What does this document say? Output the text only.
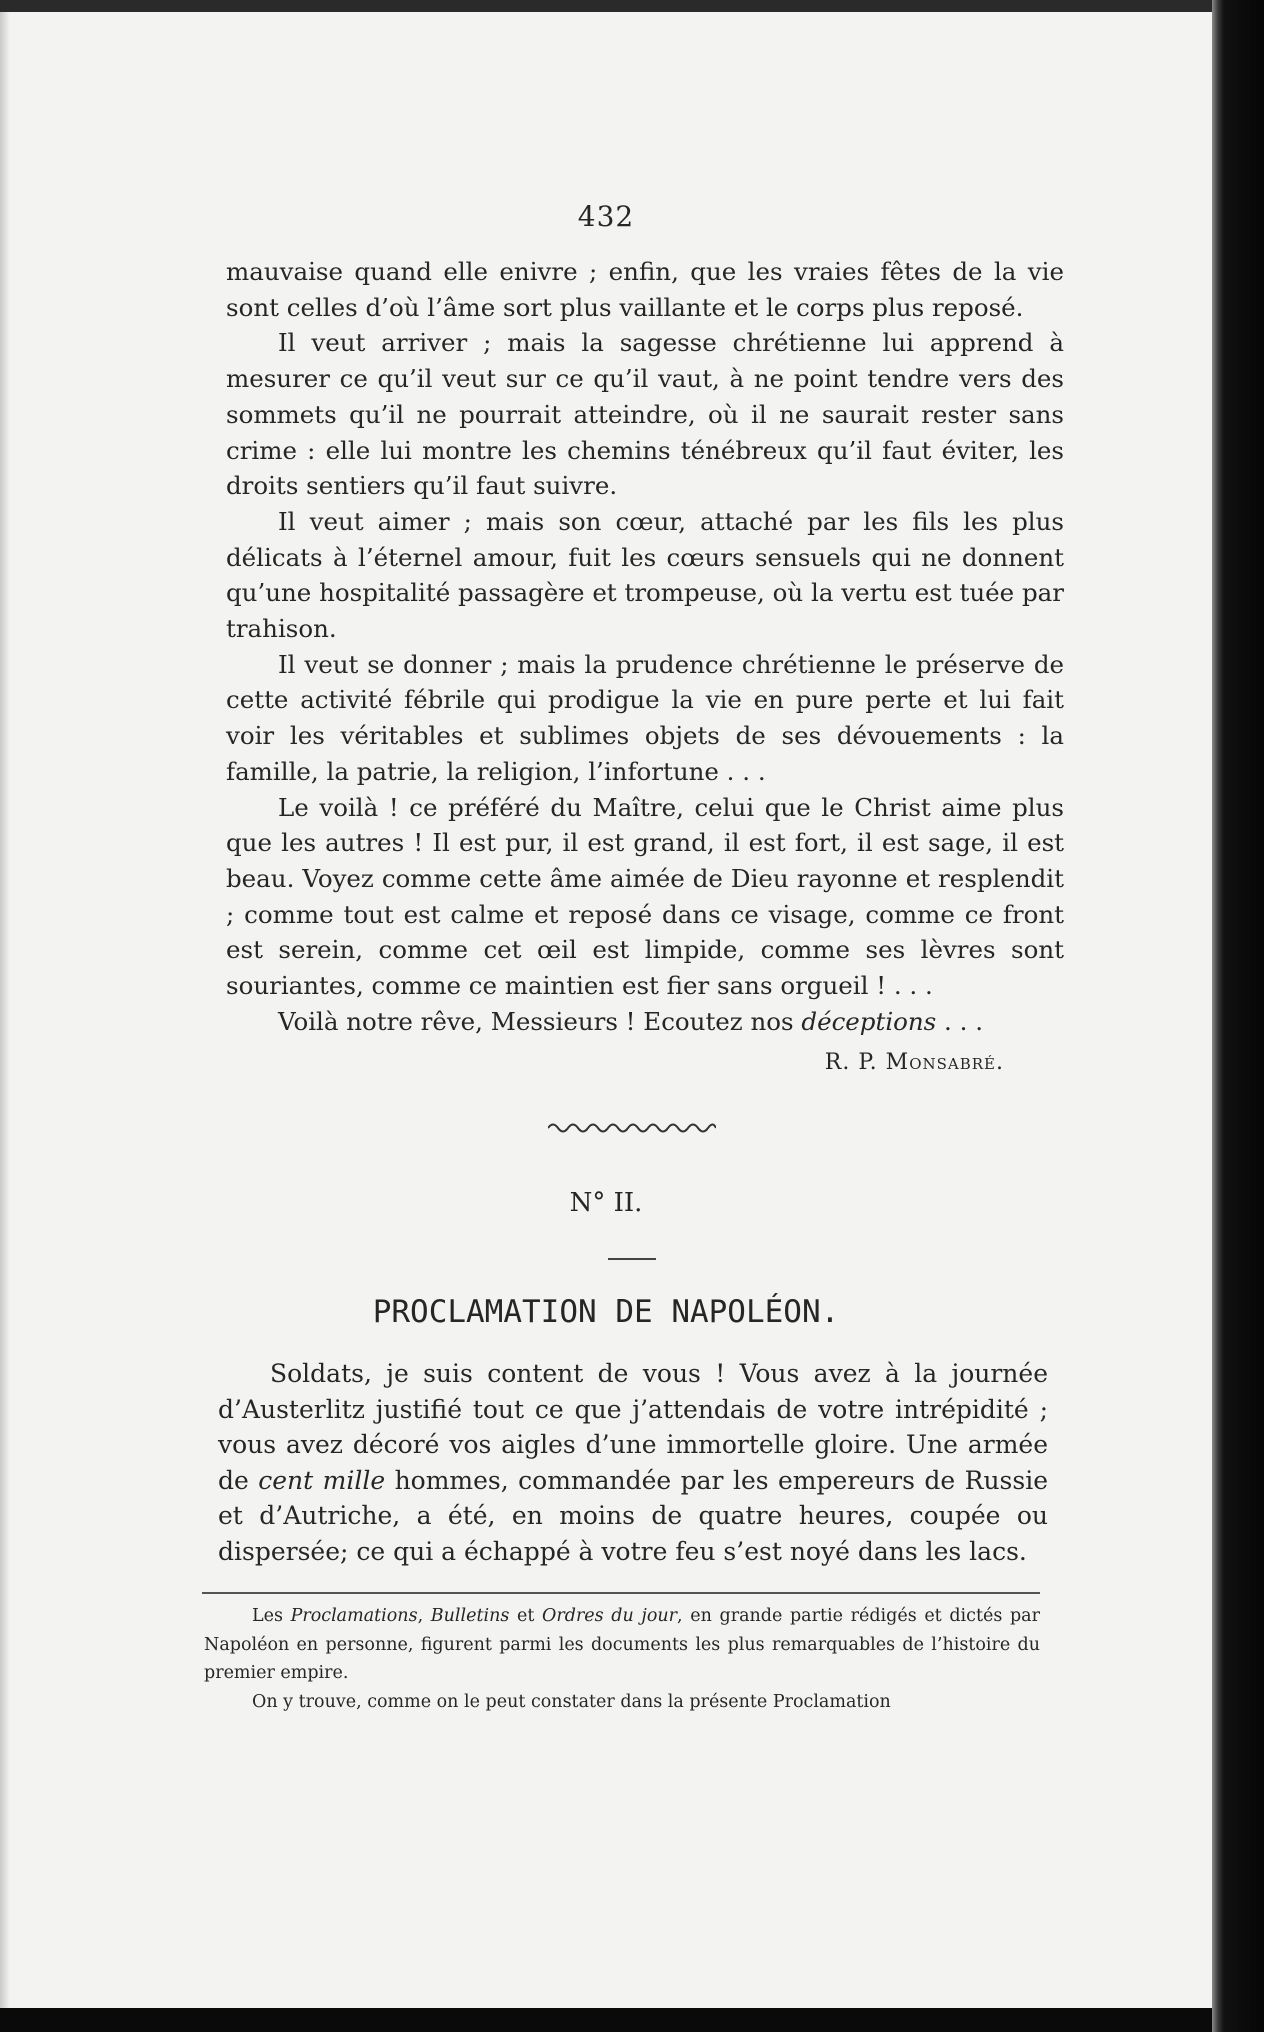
432

mauvaise quand elle enivre ; enfin, que les vraies fêtes de la vie sont celles d’où l’âme sort plus vaillante et le corps plus reposé.

Il veut arriver ; mais la sagesse chrétienne lui apprend à mesurer ce qu’il veut sur ce qu’il vaut, à ne point tendre vers des sommets qu’il ne pourrait atteindre, où il ne saurait rester sans crime : elle lui montre les chemins ténébreux qu’il faut éviter, les droits sentiers qu’il faut suivre.

Il veut aimer ; mais son cœur, attaché par les fils les plus délicats à l’éternel amour, fuit les cœurs sensuels qui ne donnent qu’une hospitalité passagère et trompeuse, où la vertu est tuée par trahison.

Il veut se donner ; mais la prudence chrétienne le préserve de cette activité fébrile qui prodigue la vie en pure perte et lui fait voir les véritables et sublimes objets de ses dévouements : la famille, la patrie, la religion, l’infortune . . .

Le voilà ! ce préféré du Maître, celui que le Christ aime plus que les autres ! Il est pur, il est grand, il est fort, il est sage, il est beau. Voyez comme cette âme aimée de Dieu rayonne et resplendit ; comme tout est calme et reposé dans ce visage, comme ce front est serein, comme cet œil est limpide, comme ses lèvres sont souriantes, comme ce maintien est fier sans orgueil ! . . .

Voilà notre rêve, Messieurs ! Ecoutez nos déceptions . . .

R. P. Monsabré.

N° II.
PROCLAMATION DE NAPOLÉON.

Soldats, je suis content de vous ! Vous avez à la journée d’Austerlitz justifié tout ce que j’attendais de votre intrépidité ; vous avez décoré vos aigles d’une immortelle gloire. Une armée de cent mille hommes, commandée par les empereurs de Russie et d’Autriche, a été, en moins de quatre heures, coupée ou dispersée; ce qui a échappé à votre feu s’est noyé dans les lacs.

Les Proclamations, Bulletins et Ordres du jour, en grande partie rédigés et dictés par Napoléon en personne, figurent parmi les documents les plus remarquables de l’histoire du premier empire.

On y trouve, comme on le peut constater dans la présente Proclamation
